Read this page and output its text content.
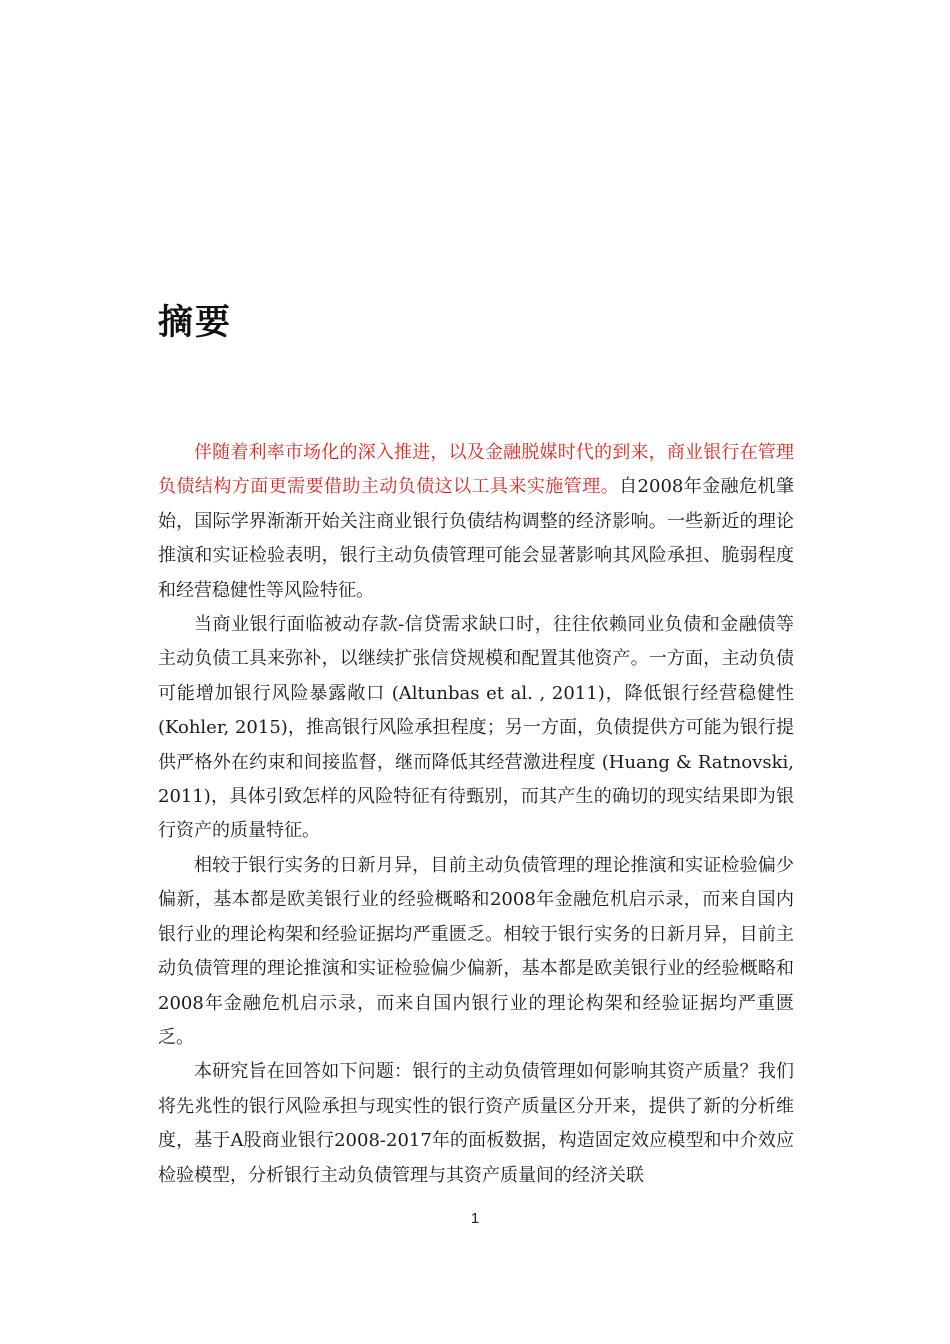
摘要

伴随着利率市场化的深入推进，以及金融脱媒时代的到来，商业银行在管理负债结构方面更需要借助主动负债这以工具来实施管理。自2008年金融危机肇始，国际学界渐渐开始关注商业银行负债结构调整的经济影响。一些新近的理论推演和实证检验表明，银行主动负债管理可能会显著影响其风险承担、脆弱程度和经营稳健性等风险特征。

当商业银行面临被动存款-信贷需求缺口时，往往依赖同业负债和金融债等主动负债工具来弥补，以继续扩张信贷规模和配置其他资产。一方面，主动负债可能增加银行风险暴露敞口 (Altunbas et al. , 2011)，降低银行经营稳健性 (Kohler, 2015)，推高银行风险承担程度；另一方面，负债提供方可能为银行提供严格外在约束和间接监督，继而降低其经营激进程度 (Huang & Ratnovski, 2011)，具体引致怎样的风险特征有待甄别，而其产生的确切的现实结果即为银行资产的质量特征。

相较于银行实务的日新月异，目前主动负债管理的理论推演和实证检验偏少偏新，基本都是欧美银行业的经验概略和2008年金融危机启示录，而来自国内银行业的理论构架和经验证据均严重匮乏。相较于银行实务的日新月异，目前主动负债管理的理论推演和实证检验偏少偏新，基本都是欧美银行业的经验概略和2008年金融危机启示录，而来自国内银行业的理论构架和经验证据均严重匮乏。

本研究旨在回答如下问题：银行的主动负债管理如何影响其资产质量？我们将先兆性的银行风险承担与现实性的银行资产质量区分开来，提供了新的分析维度，基于A股商业银行2008-2017年的面板数据，构造固定效应模型和中介效应检验模型，分析银行主动负债管理与其资产质量间的经济关联

1
